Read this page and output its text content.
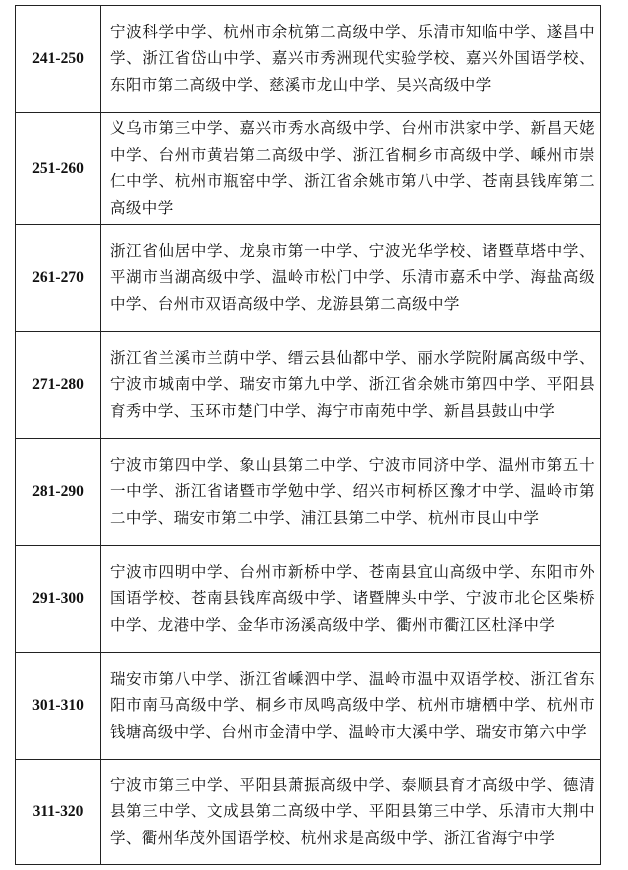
241-250	宁波科学中学、杭州市余杭第二高级中学、乐清市知临中学、遂昌中学、浙江省岱山中学、嘉兴市秀洲现代实验学校、嘉兴外国语学校、东阳市第二高级中学、慈溪市龙山中学、吴兴高级中学
251-260	义乌市第三中学、嘉兴市秀水高级中学、台州市洪家中学、新昌天姥中学、台州市黄岩第二高级中学、浙江省桐乡市高级中学、嵊州市崇仁中学、杭州市瓶窑中学、浙江省余姚市第八中学、苍南县钱库第二高级中学
261-270	浙江省仙居中学、龙泉市第一中学、宁波光华学校、诸暨草塔中学、平湖市当湖高级中学、温岭市松门中学、乐清市嘉禾中学、海盐高级中学、台州市双语高级中学、龙游县第二高级中学
271-280	浙江省兰溪市兰荫中学、缙云县仙都中学、丽水学院附属高级中学、宁波市城南中学、瑞安市第九中学、浙江省余姚市第四中学、平阳县育秀中学、玉环市楚门中学、海宁市南苑中学、新昌县鼓山中学
281-290	宁波市第四中学、象山县第二中学、宁波市同济中学、温州市第五十一中学、浙江省诸暨市学勉中学、绍兴市柯桥区豫才中学、温岭市第二中学、瑞安市第二中学、浦江县第二中学、杭州市艮山中学
291-300	宁波市四明中学、台州市新桥中学、苍南县宜山高级中学、东阳市外国语学校、苍南县钱库高级中学、诸暨牌头中学、宁波市北仑区柴桥中学、龙港中学、金华市汤溪高级中学、衢州市衢江区杜泽中学
301-310	瑞安市第八中学、浙江省嵊泗中学、温岭市温中双语学校、浙江省东阳市南马高级中学、桐乡市凤鸣高级中学、杭州市塘栖中学、杭州市钱塘高级中学、台州市金清中学、温岭市大溪中学、瑞安市第六中学
311-320	宁波市第三中学、平阳县萧振高级中学、泰顺县育才高级中学、德清县第三中学、文成县第二高级中学、平阳县第三中学、乐清市大荆中学、衢州华茂外国语学校、杭州求是高级中学、浙江省海宁中学
